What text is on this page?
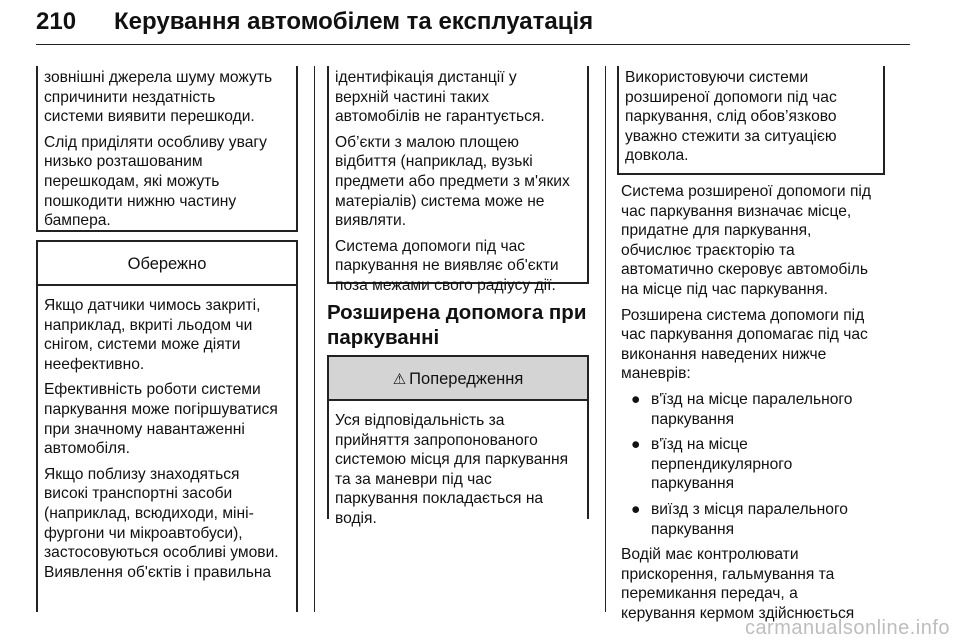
210 Керування автомобілем та експлуатація

зовнішні джерела шуму можуть
спричинити нездатність
системи виявити перешкоди.

Слід приділяти особливу увагу
низько розташованим
перешкодам, які можуть
пошкодити нижню частину
бампера.

Обережно

Якщо датчики чимось закриті,
наприклад, вкриті льодом чи
снігом, системи може діяти
неефективно.

Ефективність роботи системи
паркування може погіршуватися
при значному навантаженні
автомобіля.

Якщо поблизу знаходяться
високі транспортні засоби
(наприклад, всюдиходи, міні-
фургони чи мікроавтобуси),
застосовуються особливі умови.
Виявлення об'єктів і правильна

ідентифікація дистанції у
верхній частині таких
автомобілів не гарантується.

Об’єкти з малою площею
відбиття (наприклад, вузькі
предмети або предмети з м'яких
матеріалів) система може не
виявляти.

Система допомоги під час
паркування не виявляє об'єкти
поза межами свого радіусу дії.

Розширена допомога при
паркуванні
⚠ Попередження

Уся відповідальність за
прийняття запропонованого
системою місця для паркування
та за маневри під час
паркування покладається на
водія.

Використовуючи системи
розширеної допомоги під час
паркування, слід обов’язково
уважно стежити за ситуацією
довкола.

Система розширеної допомоги під
час паркування визначає місце,
придатне для паркування,
обчислює траєкторію та
автоматично скеровує автомобіль
на місце під час паркування.

Розширена система допомоги під
час паркування допомагає під час
виконання наведених нижче
маневрів:

● в'їзд на місце паралельного
паркування
● в'їзд на місце
перпендикулярного
паркування
● виїзд з місця паралельного
паркування

Водій має контролювати
прискорення, гальмування та
перемикання передач, а
керування кермом здійснюється

carmanualsonline.info
